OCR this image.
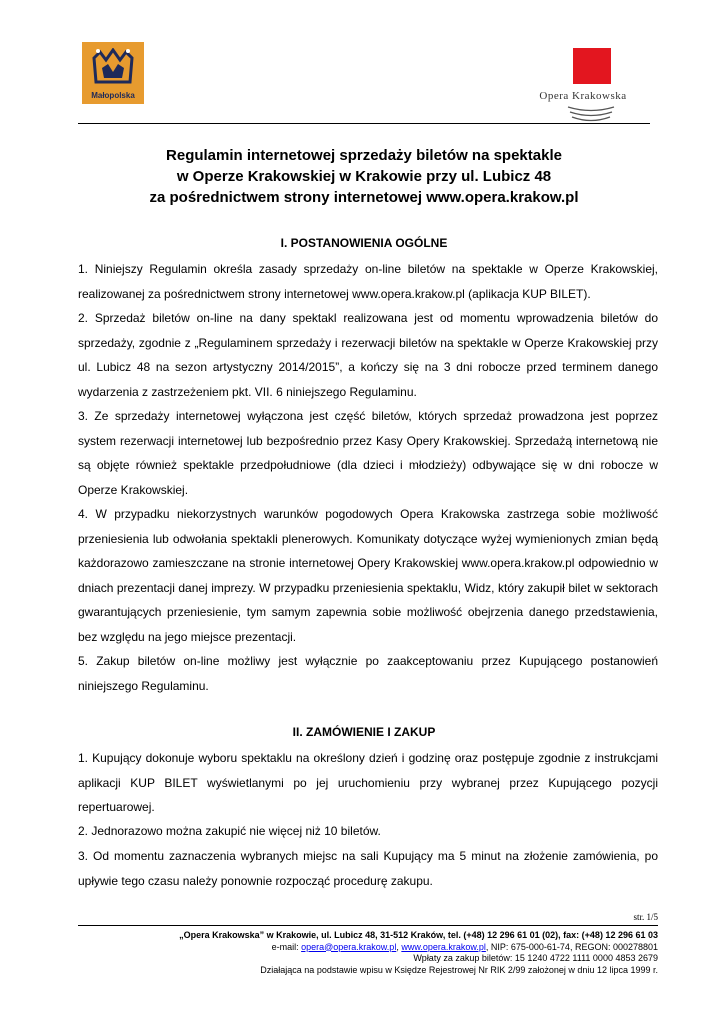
Małopolska	Opera Krakowska
Regulamin internetowej sprzedaży biletów na spektakle
w Operze Krakowskiej w Krakowie przy ul. Lubicz 48
za pośrednictwem strony internetowej www.opera.krakow.pl
I. POSTANOWIENIA OGÓLNE
1. Niniejszy Regulamin określa zasady sprzedaży on-line biletów na spektakle w Operze Krakowskiej, realizowanej za pośrednictwem strony internetowej www.opera.krakow.pl (aplikacja KUP BILET).
2. Sprzedaż biletów on-line na dany spektakl realizowana jest od momentu wprowadzenia biletów do sprzedaży, zgodnie z „Regulaminem sprzedaży i rezerwacji biletów na spektakle w Operze Krakowskiej przy ul. Lubicz 48 na sezon artystyczny 2014/2015”, a kończy się na 3 dni robocze przed terminem danego wydarzenia z zastrzeżeniem pkt. VII. 6 niniejszego Regulaminu.
3. Ze sprzedaży internetowej wyłączona jest część biletów, których sprzedaż prowadzona jest poprzez system rezerwacji internetowej lub bezpośrednio przez Kasy Opery Krakowskiej. Sprzedażą internetową nie są objęte również spektakle przedpołudniowe (dla dzieci i młodzieży) odbywające się w dni robocze w Operze Krakowskiej.
4. W przypadku niekorzystnych warunków pogodowych Opera Krakowska zastrzega sobie możliwość przeniesienia lub odwołania spektakli plenerowych. Komunikaty dotyczące wyżej wymienionych zmian będą każdorazowo zamieszczane na stronie internetowej Opery Krakowskiej www.opera.krakow.pl odpowiednio w dniach prezentacji danej imprezy. W przypadku przeniesienia spektaklu, Widz, który zakupił bilet w sektorach gwarantujących przeniesienie, tym samym zapewnia sobie możliwość obejrzenia danego przedstawienia, bez względu na jego miejsce prezentacji.
5. Zakup biletów on-line możliwy jest wyłącznie po zaakceptowaniu przez Kupującego postanowień niniejszego Regulaminu.
II. ZAMÓWIENIE I ZAKUP
1. Kupujący dokonuje wyboru spektaklu na określony dzień i godzinę oraz postępuje zgodnie z instrukcjami aplikacji KUP BILET wyświetlanymi po jej uruchomieniu przy wybranej przez Kupującego pozycji repertuarowej.
2. Jednorazowo można zakupić nie więcej niż 10 biletów.
3. Od momentu zaznaczenia wybranych miejsc na sali Kupujący ma 5 minut na złożenie zamówienia, po upływie tego czasu należy ponownie rozpocząć procedurę zakupu.
str. 1/5
„Opera Krakowska” w Krakowie, ul. Lubicz 48, 31-512 Kraków, tel. (+48) 12 296 61 01 (02), fax: (+48) 12 296 61 03
e-mail: opera@opera.krakow.pl, www.opera.krakow.pl, NIP: 675-000-61-74, REGON: 000278801
Wpłaty za zakup biletów: 15 1240 4722 1111 0000 4853 2679
Działająca na podstawie wpisu w Księdze Rejestrowej Nr RIK 2/99 założonej w dniu 12 lipca 1999 r.
